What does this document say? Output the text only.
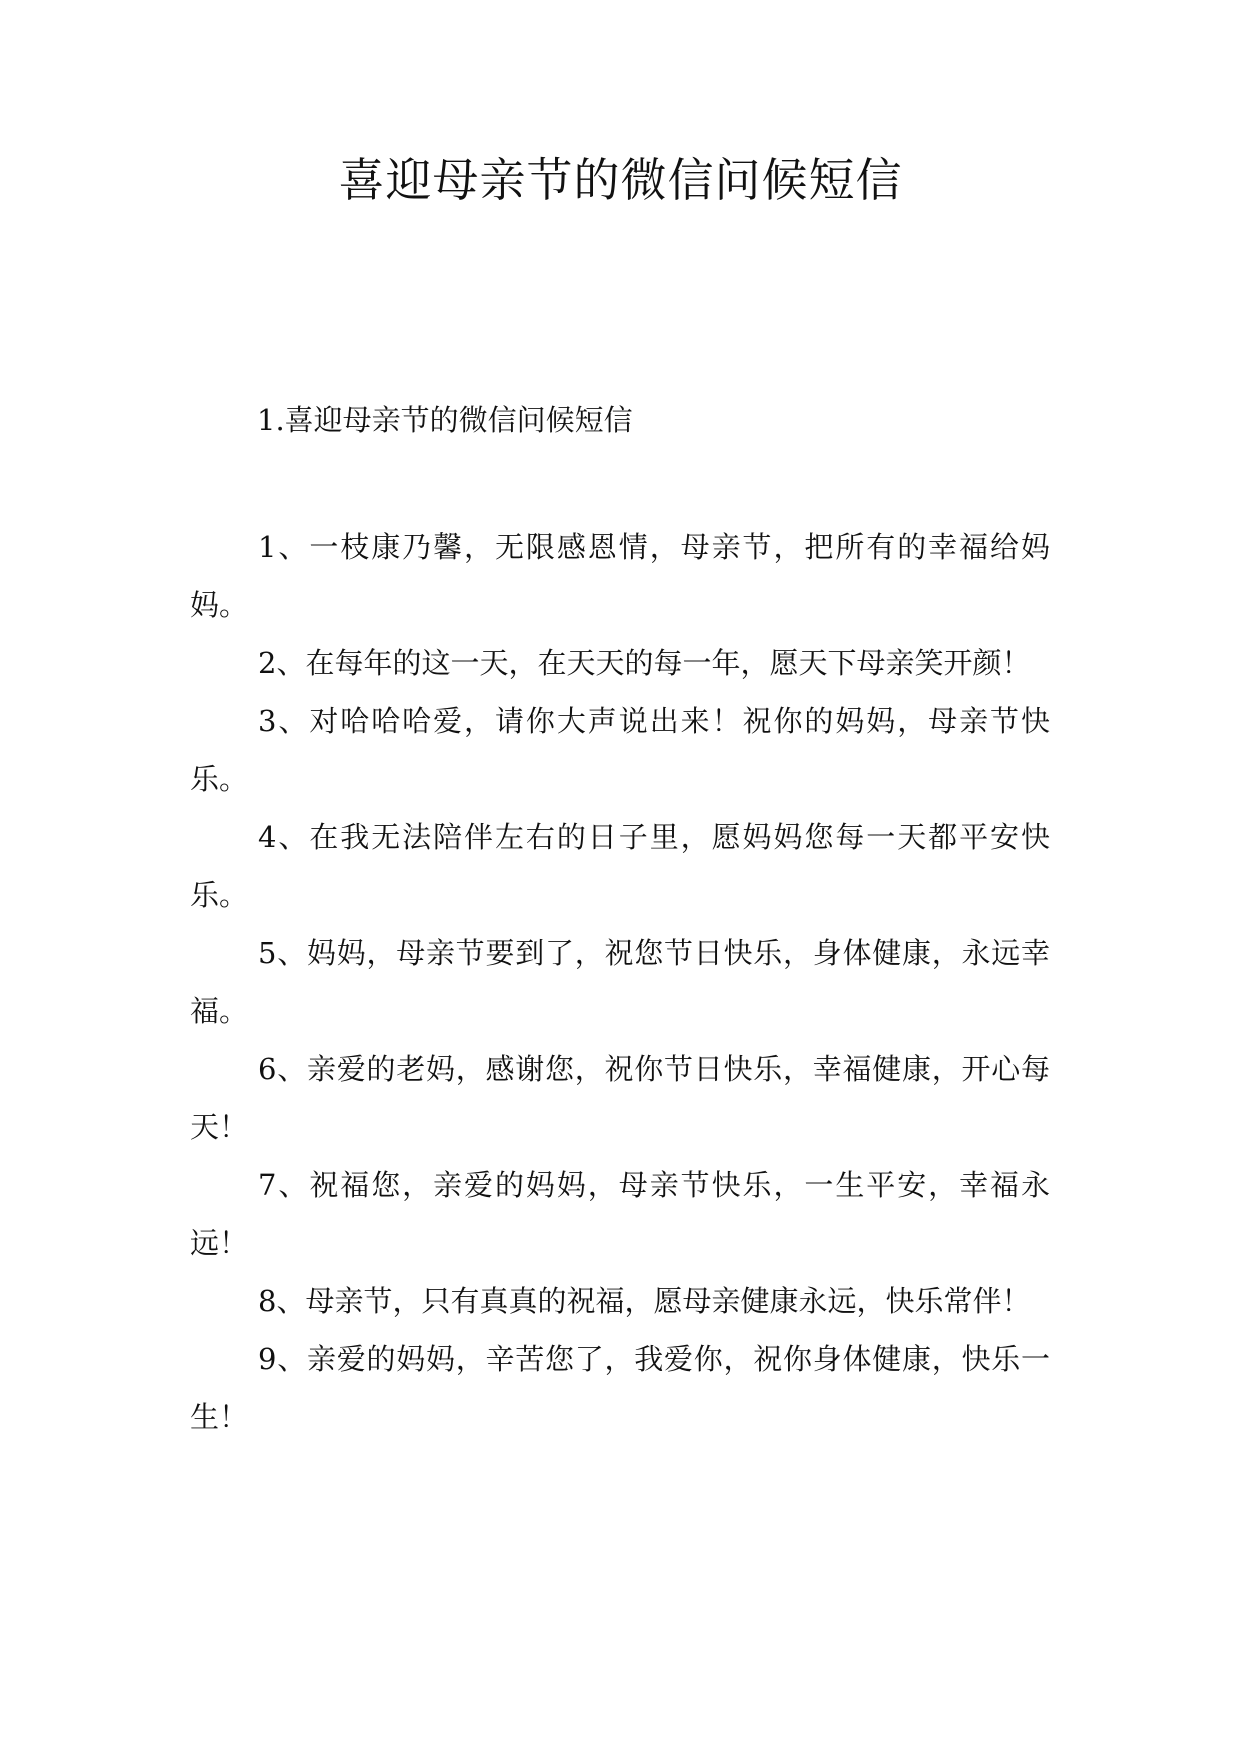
喜迎母亲节的微信问候短信
1.喜迎母亲节的微信问候短信

1、一枝康乃馨，无限感恩情，母亲节，把所有的幸福给妈妈。

2、在每年的这一天，在天天的每一年，愿天下母亲笑开颜！

3、对哈哈哈爱，请你大声说出来！祝你的妈妈，母亲节快乐。

4、在我无法陪伴左右的日子里，愿妈妈您每一天都平安快乐。

5、妈妈，母亲节要到了，祝您节日快乐，身体健康，永远幸福。

6、亲爱的老妈，感谢您，祝你节日快乐，幸福健康，开心每天！

7、祝福您，亲爱的妈妈，母亲节快乐，一生平安，幸福永远！

8、母亲节，只有真真的祝福，愿母亲健康永远，快乐常伴！

9、亲爱的妈妈，辛苦您了，我爱你，祝你身体健康，快乐一生！
